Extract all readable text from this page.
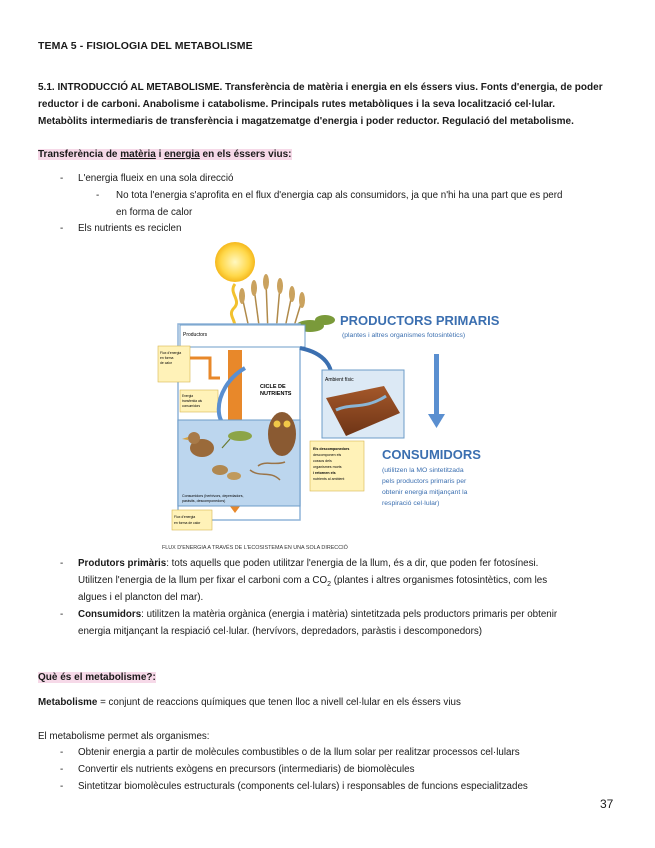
TEMA 5 - FISIOLOGIA DEL METABOLISME
5.1. INTRODUCCIÓ AL METABOLISME. Transferència de matèria i energia en els éssers vius. Fonts d'energia, de poder
reductor i de carboni. Anabolisme i catabolisme. Principals rutes metabòliques i la seva localització cel·lular.
Metabòlits intermediaris de transferència i magatzematge d'energia i poder reductor. Regulació del metabolisme.
Transferència de matèria i energia en els éssers vius:
- L'energia flueix en una sola direcció
- No tota l'energia s'aprofita en el flux d'energia cap als consumidors, ja que n'hi ha una part que es perd
en forma de calor
- Els nutrients es reciclen
Productors
Flux d'energia
en forma
de calor
Energia
transferida als
consumidors
CICLE DE
NUTRIENTS
Ambient físic
Consumidors (herbívors, depredadors,
paràsits, descomponedors)
Els descomponedors
descomponen els
cossos dels
organismes morts
i retornen els
nutrients al ambient
Flux d'energia
en forma de calor
FLUX D'ENERGIA A TRAVÉS DE L'ECOSISTEMA EN UNA SOLA DIRECCIÓ
PRODUCTORS PRIMARIS
(plantes i altres organismes fotosintètics)
CONSUMIDORS
(utilitzen la MO sintetitzada
pels productors primaris per
obtenir energia mitjançant la
respiració cel·lular)
- Produtors primàris: tots aquells que poden utilitzar l'energia de la llum, és a dir, que poden fer fotosínesi.
Utilitzen l'energia de la llum per fixar el carboni com a $CO_2$ (plantes i altres organismes fotosintètics, com les
algues i el plancton del mar).
- Consumidors: utilitzen la matèria orgànica (energia i matèria) sintetitzada pels productors primaris per obtenir
energia mitjançant la respiació cel·lular. (hervívors, depredadors, paràstis i descomponedors)
Què és el metabolisme?:
Metabolisme = conjunt de reaccions químiques que tenen lloc a nivell cel·lular en els éssers vius
El metabolisme permet als organismes:
- Obtenir energia a partir de molècules combustibles o de la llum solar per realitzar processos cel·lulars
- Convertir els nutrients exògens en precursors (intermediaris) de biomolècules
- Sintetitzar biomolècules estructurals (components cel·lulars) i responsables de funcions especialitzades
37
